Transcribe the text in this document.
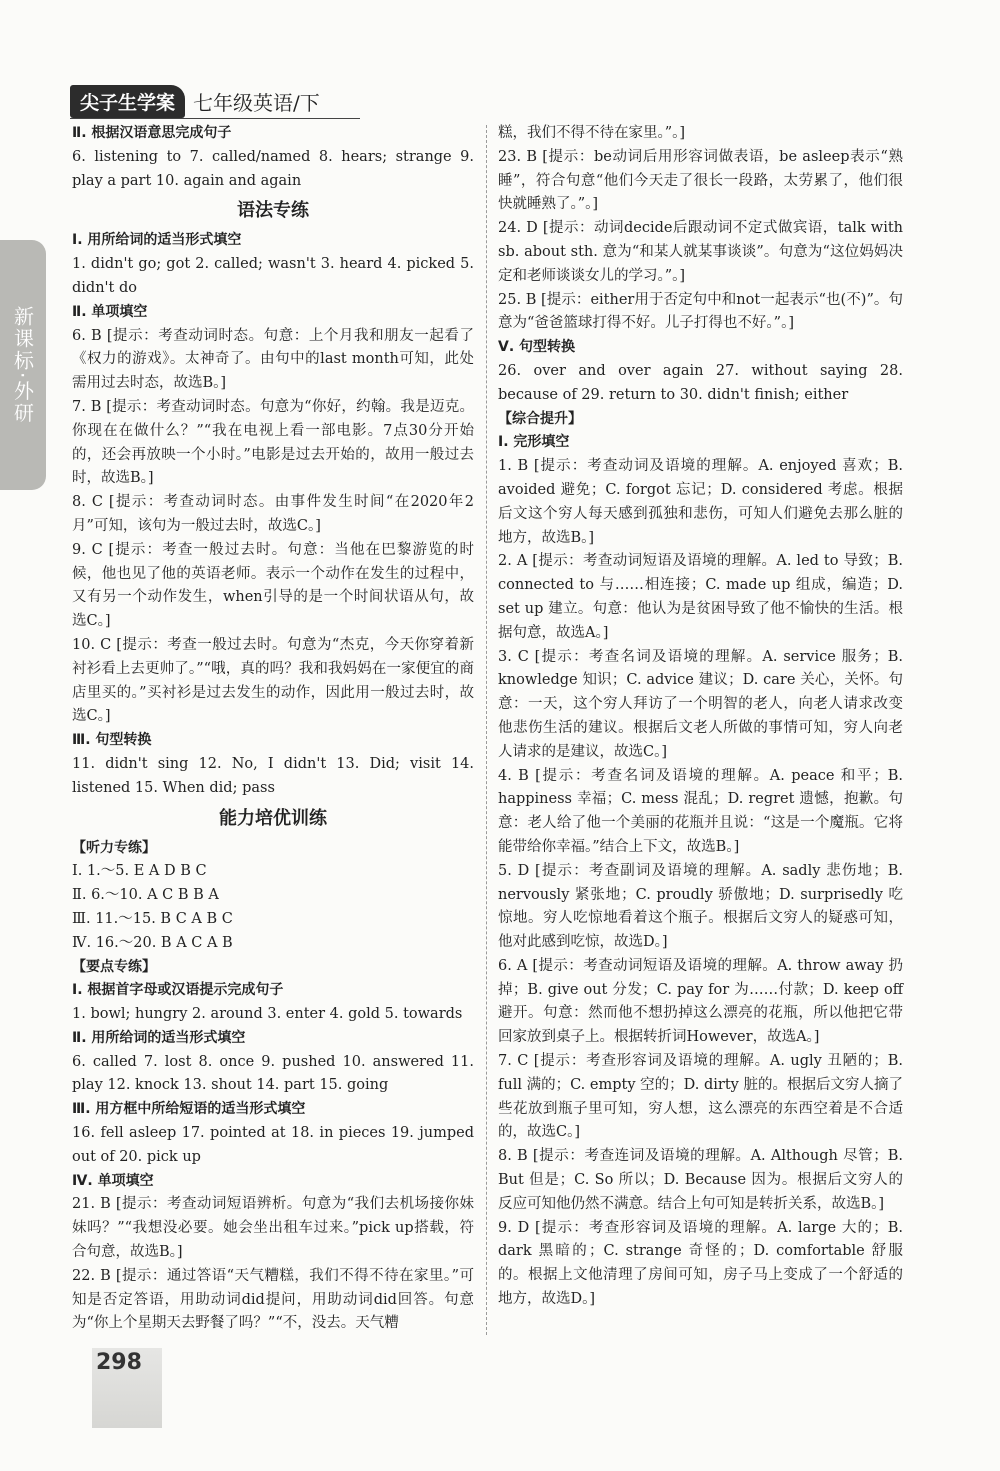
尖子生学案 七年级英语/下
新课标·外研
Ⅱ. 根据汉语意思完成句子
6. listening to 7. called/named 8. hears; strange 9. play a part 10. again and again
语法专练
Ⅰ. 用所给词的适当形式填空
1. didn't go; got 2. called; wasn't 3. heard 4. picked 5. didn't do
Ⅱ. 单项填空
6. B [提示：考查动词时态。句意：上个月我和朋友一起看了《权力的游戏》。太神奇了。由句中的last month可知，此处需用过去时态，故选B。]
7. B [提示：考查动词时态。句意为“你好，约翰。我是迈克。你现在在做什么？”“我在电视上看一部电影。7点30分开始的，还会再放映一个小时。”电影是过去开始的，故用一般过去时，故选B。]
8. C [提示：考查动词时态。由事件发生时间“在2020年2月”可知，该句为一般过去时，故选C。]
9. C [提示：考查一般过去时。句意：当他在巴黎游览的时候，他也见了他的英语老师。表示一个动作在发生的过程中，又有另一个动作发生，when引导的是一个时间状语从句，故选C。]
10. C [提示：考查一般过去时。句意为“杰克，今天你穿着新衬衫看上去更帅了。”“哦，真的吗？我和我妈妈在一家便宜的商店里买的。”买衬衫是过去发生的动作，因此用一般过去时，故选C。]
Ⅲ. 句型转换
11. didn't sing 12. No, I didn't 13. Did; visit 14. listened 15. When did; pass
能力培优训练
【听力专练】
Ⅰ. 1.～5. E A D B C
Ⅱ. 6.～10. A C B B A
Ⅲ. 11.～15. B C A B C
Ⅳ. 16.～20. B A C A B
【要点专练】
Ⅰ. 根据首字母或汉语提示完成句子
1. bowl; hungry 2. around 3. enter 4. gold 5. towards
Ⅱ. 用所给词的适当形式填空
6. called 7. lost 8. once 9. pushed 10. answered 11. play 12. knock 13. shout 14. part 15. going
Ⅲ. 用方框中所给短语的适当形式填空
16. fell asleep 17. pointed at 18. in pieces 19. jumped out of 20. pick up
Ⅳ. 单项填空
21. B [提示：考查动词短语辨析。句意为“我们去机场接你妹妹吗？”“我想没必要。她会坐出租车过来。”pick up搭载，符合句意，故选B。]
22. B [提示：通过答语“天气糟糕，我们不得不待在家里。”可知是否定答语，用助动词did提问，用助动词did回答。句意为“你上个星期天去野餐了吗？”“不，没去。天气糟
糕，我们不得不待在家里。”。]
23. B [提示：be动词后用形容词做表语，be asleep表示“熟睡”，符合句意“他们今天走了很长一段路，太劳累了，他们很快就睡熟了。”。]
24. D [提示：动词decide后跟动词不定式做宾语，talk with sb. about sth. 意为“和某人就某事谈谈”。句意为“这位妈妈决定和老师谈谈女儿的学习。”。]
25. B [提示：either用于否定句中和not一起表示“也(不)”。句意为“爸爸篮球打得不好。儿子打得也不好。”。]
Ⅴ. 句型转换
26. over and over again 27. without saying 28. because of 29. return to 30. didn't finish; either
【综合提升】
Ⅰ. 完形填空
1. B [提示：考查动词及语境的理解。A. enjoyed 喜欢；B. avoided 避免；C. forgot 忘记；D. considered 考虑。根据后文这个穷人每天感到孤独和悲伤，可知人们避免去那么脏的地方，故选B。]
2. A [提示：考查动词短语及语境的理解。A. led to 导致；B. connected to 与……相连接；C. made up 组成，编造；D. set up 建立。句意：他认为是贫困导致了他不愉快的生活。根据句意，故选A。]
3. C [提示：考查名词及语境的理解。A. service 服务；B. knowledge 知识；C. advice 建议；D. care 关心，关怀。句意：一天，这个穷人拜访了一个明智的老人，向老人请求改变他悲伤生活的建议。根据后文老人所做的事情可知，穷人向老人请求的是建议，故选C。]
4. B [提示：考查名词及语境的理解。A. peace 和平；B. happiness 幸福；C. mess 混乱；D. regret 遗憾，抱歉。句意：老人给了他一个美丽的花瓶并且说：“这是一个魔瓶。它将能带给你幸福。”结合上下文，故选B。]
5. D [提示：考查副词及语境的理解。A. sadly 悲伤地；B. nervously 紧张地；C. proudly 骄傲地；D. surprisedly 吃惊地。穷人吃惊地看着这个瓶子。根据后文穷人的疑惑可知，他对此感到吃惊，故选D。]
6. A [提示：考查动词短语及语境的理解。A. throw away 扔掉；B. give out 分发；C. pay for 为……付款；D. keep off 避开。句意：然而他不想扔掉这么漂亮的花瓶，所以他把它带回家放到桌子上。根据转折词However，故选A。]
7. C [提示：考查形容词及语境的理解。A. ugly 丑陋的；B. full 满的；C. empty 空的；D. dirty 脏的。根据后文穷人摘了些花放到瓶子里可知，穷人想，这么漂亮的东西空着是不合适的，故选C。]
8. B [提示：考查连词及语境的理解。A. Although 尽管；B. But 但是；C. So 所以；D. Because 因为。根据后文穷人的反应可知他仍然不满意。结合上句可知是转折关系，故选B。]
9. D [提示：考查形容词及语境的理解。A. large 大的；B. dark 黑暗的；C. strange 奇怪的；D. comfortable 舒服的。根据上文他清理了房间可知，房子马上变成了一个舒适的地方，故选D。]
298
